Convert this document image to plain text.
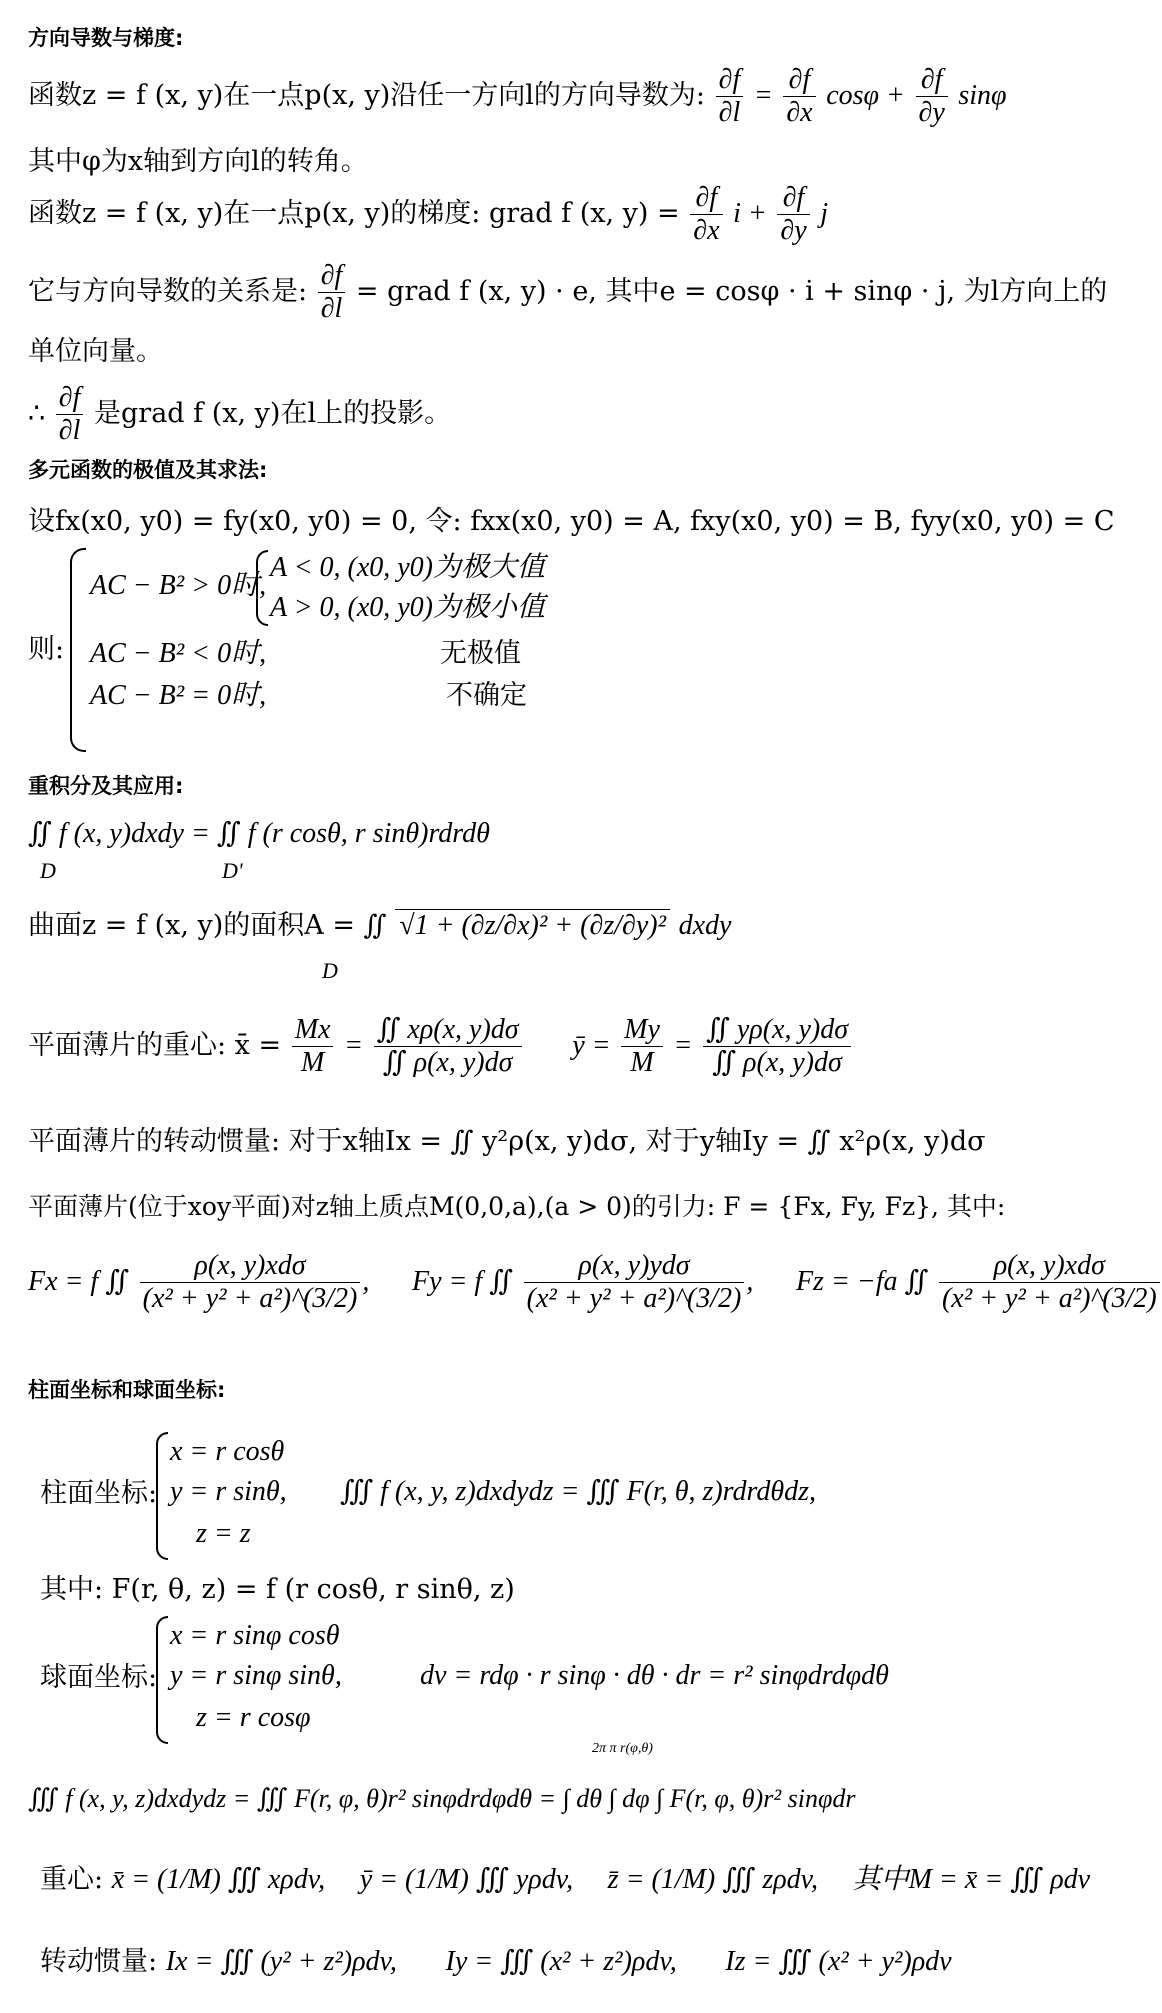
方向导数与梯度:
函数z = f (x, y)在一点p(x, y)沿任一方向l的方向导数为: $\frac{\partial f}{\partial l} = \frac{\partial f}{\partial x}$ $\cos\varphi + \frac{\partial f}{\partial y}$ sinφ
其中φ为x轴到方向l的转角。
函数z = f (x, y)在一点p(x, y)的梯度: grad f (x, $y) = \frac{\partial f}{\partial x}$ $i + \frac{\partial f}{\partial y}$ j
它与方向导数的关系是: $\frac{\partial f}{\partial l}$ = grad f (x, y) · e, 其中e = cosφ · i + sinφ · j, 为l方向上的
单位向量。
∴ $\frac{\partial f}{\partial l}$ 是grad f (x, y)在l上的投影。
多元函数的极值及其求法:
设fx(x0, y0) = fy(x0, y0) = 0, 令: fxx(x0, y0) = A, fxy(x0, y0) = B, fyy(x0, y0) = C
则:
AC − B² > 0时,
A < 0, (x0, y0)为极大值
A > 0, (x0, y0)为极小值
AC − B² < 0时,	无极值
AC − B² = 0时,	不确定
重积分及其应用:
∬ f (x, y)dxdy = ∬ f (r cosθ, r sinθ)rdrdθ
D	D'
曲面z = f (x, y)的面积A = ∬ √1 + (∂z/∂x)² + (∂z/∂y)² dxdy
D
平面薄片的重心: x̄ = $\frac{Mx}{M} = \frac{∬ x\rho(x, y)d\sigma}{∬ \rho(x, y)d\sigma}$ ȳ = $\frac{My}{M} = \frac{∬ y\rho(x, y)d\sigma}{∬ \rho(x, y)d\sigma}$
平面薄片的转动惯量: 对于x轴Ix = ∬ y²ρ(x, y)dσ, 对于y轴Iy = ∬ x²ρ(x, y)dσ
平面薄片(位于xoy平面)对z轴上质点M(0,0,a),(a > 0)的引力: F = {Fx, Fy, Fz}, 其中:
Fx = f ∬
ρ(x, y)xdσ
(x² + y² + a²)^(3/2)
, Fy = f ∬
ρ(x, y)ydσ
(x² + y² + a²)^(3/2)
, Fz = −fa ∬
ρ(x, y)xdσ
(x² + y² + a²)^(3/2)
柱面坐标和球面坐标:
柱面坐标:
x = r cosθ
y = r sinθ,
z = z
∭ f (x, y, z)dxdydz = ∭ F(r, θ, z)rdrdθdz,
其中: F(r, θ, z) = f (r cosθ, r sinθ, z)
球面坐标:
x = r sinφ cosθ
y = r sinφ sinθ,
z = r cosφ
dv = rdφ · r sinφ · dθ · dr = r² sinφdrdφdθ
2π π r(φ,θ)
∭ f (x, y, z)dxdydz = ∭ F(r, φ, θ)r² sinφdrdφdθ = ∫ dθ ∫ dφ ∫ F(r, φ, θ)r² sinφdr
重心: x̄ = (1/M) ∭ xρdv, ȳ = (1/M) ∭ yρdv, z̄ = (1/M) ∭ zρdv, 其中M = x̄ = ∭ ρdv
转动惯量: Ix = ∭ (y² + z²)ρdv, Iy = ∭ (x² + z²)ρdv, Iz = ∭ (x² + y²)ρdv
